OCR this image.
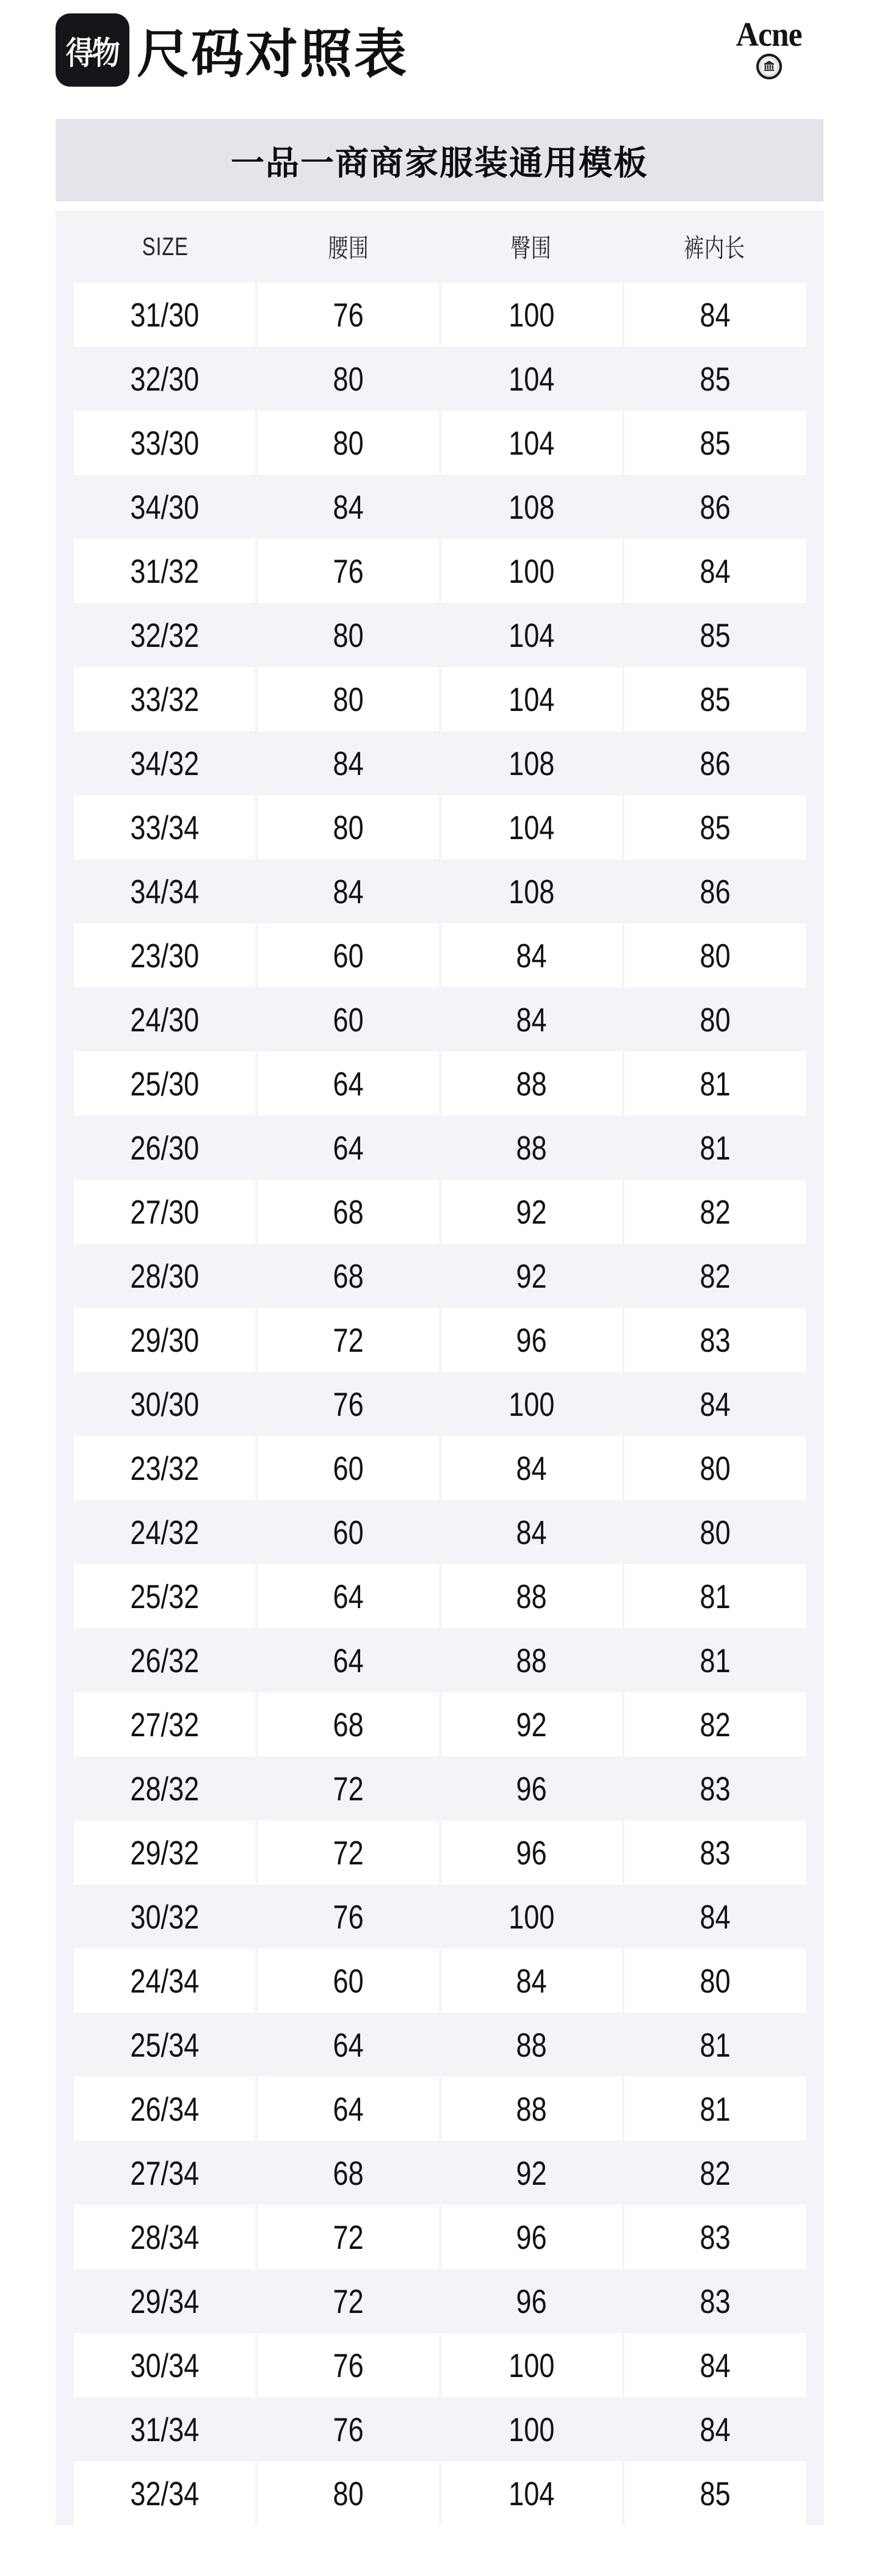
得物 尺码对照表	Acne
一品一商商家服装通用模板
SIZE	腰围	臀围	裤内长
31/30	76	100	84
32/30	80	104	85
33/30	80	104	85
34/30	84	108	86
31/32	76	100	84
32/32	80	104	85
33/32	80	104	85
34/32	84	108	86
33/34	80	104	85
34/34	84	108	86
23/30	60	84	80
24/30	60	84	80
25/30	64	88	81
26/30	64	88	81
27/30	68	92	82
28/30	68	92	82
29/30	72	96	83
30/30	76	100	84
23/32	60	84	80
24/32	60	84	80
25/32	64	88	81
26/32	64	88	81
27/32	68	92	82
28/32	72	96	83
29/32	72	96	83
30/32	76	100	84
24/34	60	84	80
25/34	64	88	81
26/34	64	88	81
27/34	68	92	82
28/34	72	96	83
29/34	72	96	83
30/34	76	100	84
31/34	76	100	84
32/34	80	104	85
